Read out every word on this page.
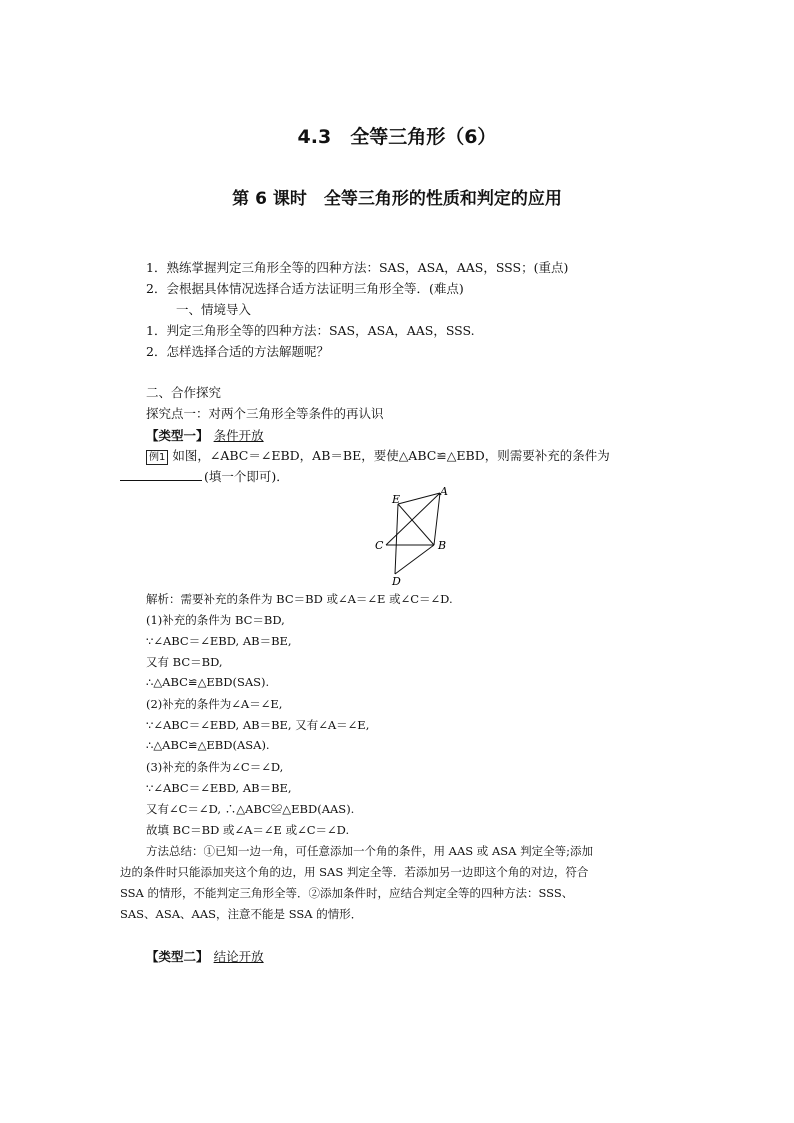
4.3　全等三角形（6）
第 6 课时　全等三角形的性质和判定的应用
1．熟练掌握判定三角形全等的四种方法：SAS，ASA，AAS，SSS；(重点)
2．会根据具体情况选择合适方法证明三角形全等．(难点)
一、情境导入
1．判定三角形全等的四种方法：SAS，ASA，AAS，SSS.
2．怎样选择合适的方法解题呢？
二、合作探究
探究点一：对两个三角形全等条件的再认识
【类型一】 条件开放
例1 如图，∠ABC＝∠EBD，AB＝BE，要使△ABC≌△EBD，则需要补充的条件为
(填一个即可)．
E
A
C	B
D
解析：需要补充的条件为 BC＝BD 或∠A＝∠E 或∠C＝∠D.
(1)补充的条件为 BC＝BD,
∵∠ABC＝∠EBD, AB＝BE,
又有 BC＝BD,
∴△ABC≌△EBD(SAS).
(2)补充的条件为∠A＝∠E,
∵∠ABC＝∠EBD, AB＝BE, 又有∠A＝∠E,
∴△ABC≌△EBD(ASA).
(3)补充的条件为∠C＝∠D,
∵∠ABC＝∠EBD, AB＝BE,
又有∠C＝∠D, ∴△ABC≌△EBD(AAS).
故填 BC＝BD 或∠A＝∠E 或∠C＝∠D.
方法总结：①已知一边一角，可任意添加一个角的条件，用 AAS 或 ASA 判定全等;添加
边的条件时只能添加夹这个角的边，用 SAS 判定全等．若添加另一边即这个角的对边，符合
SSA 的情形，不能判定三角形全等．②添加条件时，应结合判定全等的四种方法：SSS、
SAS、ASA、AAS，注意不能是 SSA 的情形．
【类型二】 结论开放
